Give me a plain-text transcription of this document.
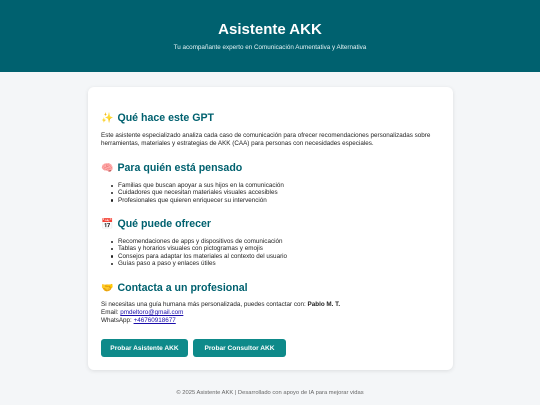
Asistente AKK

Tu acompañante experto en Comunicación Aumentativa y Alternativa

✨ Qué hace este GPT
Este asistente especializado analiza cada caso de comunicación para ofrecer recomendaciones personalizadas sobre herramientas, materiales y estrategias de AKK (CAA) para personas con necesidades especiales.
🧠 Para quién está pensado
Familias que buscan apoyar a sus hijos en la comunicación
Cuidadores que necesitan materiales visuales accesibles
Profesionales que quieren enriquecer su intervención
📅 Qué puede ofrecer
Recomendaciones de apps y dispositivos de comunicación
Tablas y horarios visuales con pictogramas y emojis
Consejos para adaptar los materiales al contexto del usuario
Guías paso a paso y enlaces útiles
🤝 Contacta a un profesional
Si necesitas una guía humana más personalizada, puedes contactar con: Pablo M. T.
Email: pmdeltoro@gmail.com
WhatsApp: +46760918677
Probar Asistente AKK	Probar Consultor AKK
© 2025 Asistente AKK | Desarrollado con apoyo de IA para mejorar vidas
